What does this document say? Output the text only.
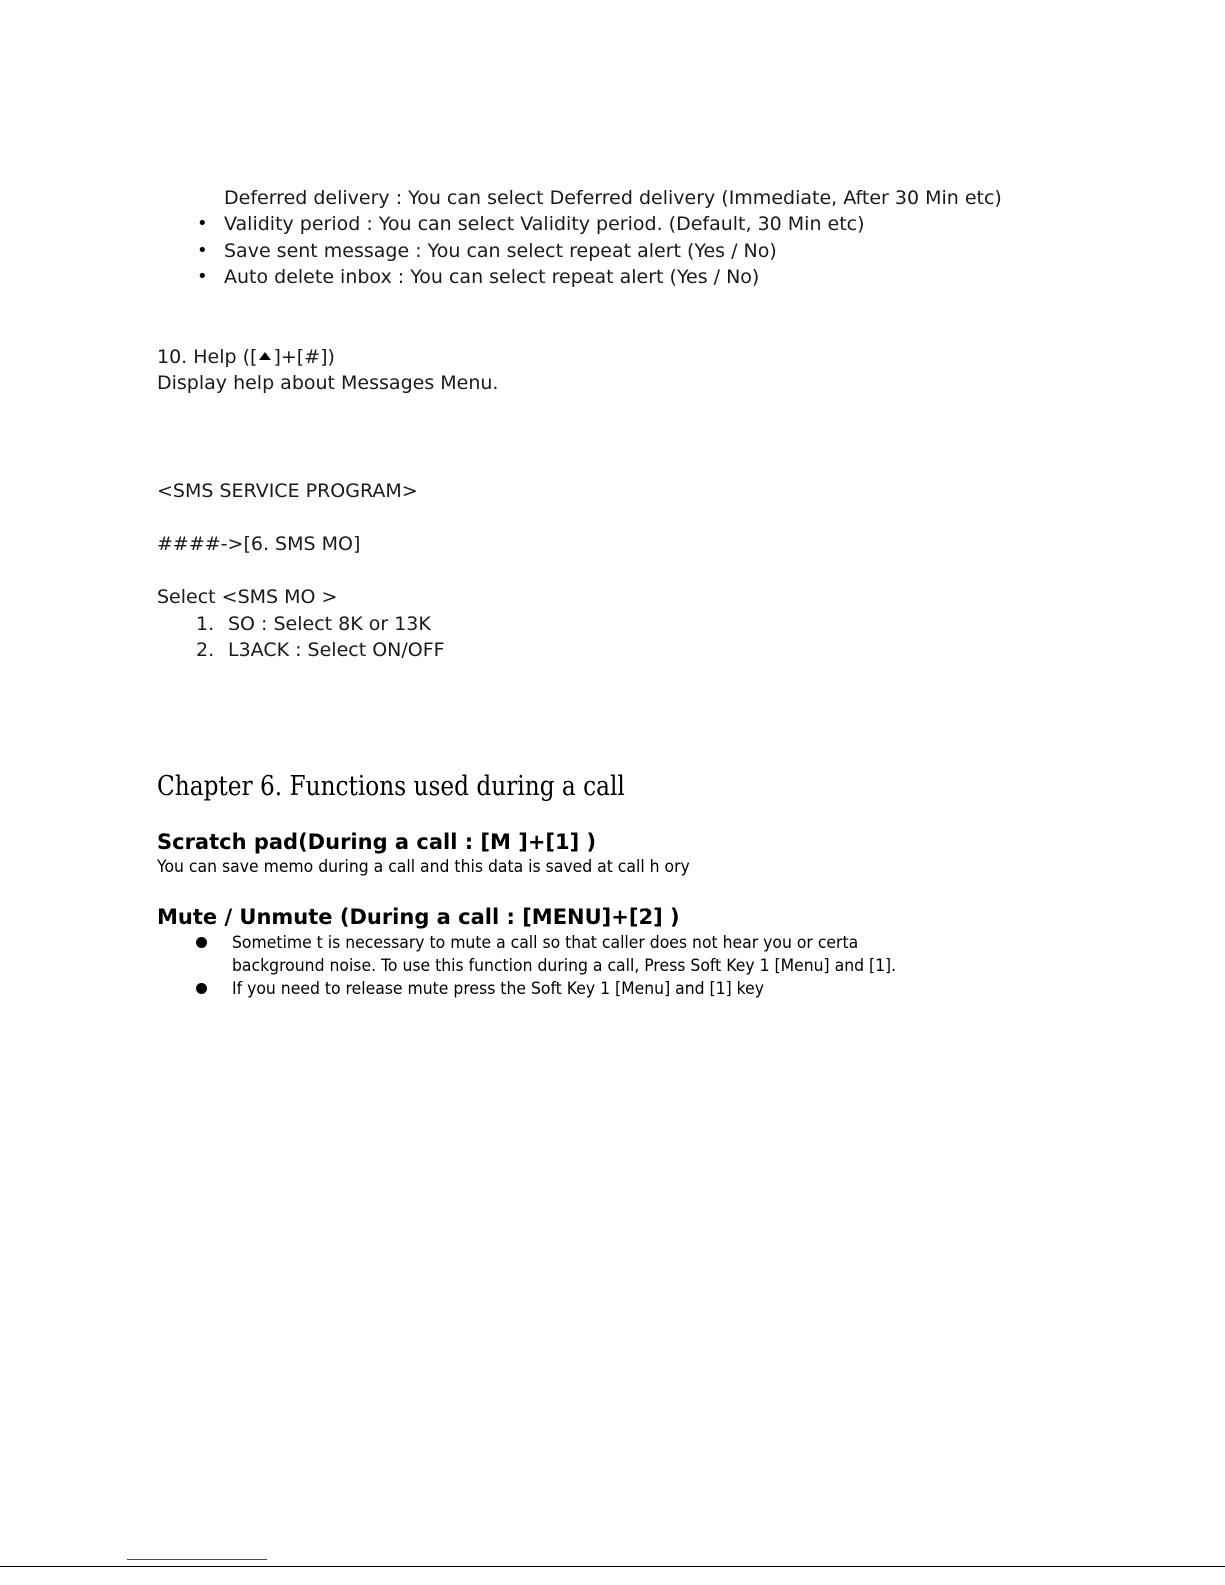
Deferred delivery : You can select Deferred delivery (Immediate, After 30 Min etc)
• Validity period : You can select Validity period. (Default, 30 Min etc)
• Save sent message : You can select repeat alert (Yes / No)
• Auto delete inbox : You can select repeat alert (Yes / No)
10. Help ([ ]+[#])
Display help about Messages Menu.
<SMS SERVICE PROGRAM>
####->[6. SMS MO]
Select <SMS MO >
1. SO : Select 8K or 13K
2. L3ACK : Select ON/OFF
Chapter 6. Functions used during a call
Scratch pad(During a call : [M ]+[1] )
You can save memo during a call and this data is saved at call h ory
Mute / Unmute (During a call : [MENU]+[2] )
Sometime t is necessary to mute a call so that caller does not hear you or certa
background noise. To use this function during a call, Press Soft Key 1 [Menu] and [1].
If you need to release mute press the Soft Key 1 [Menu] and [1] key
